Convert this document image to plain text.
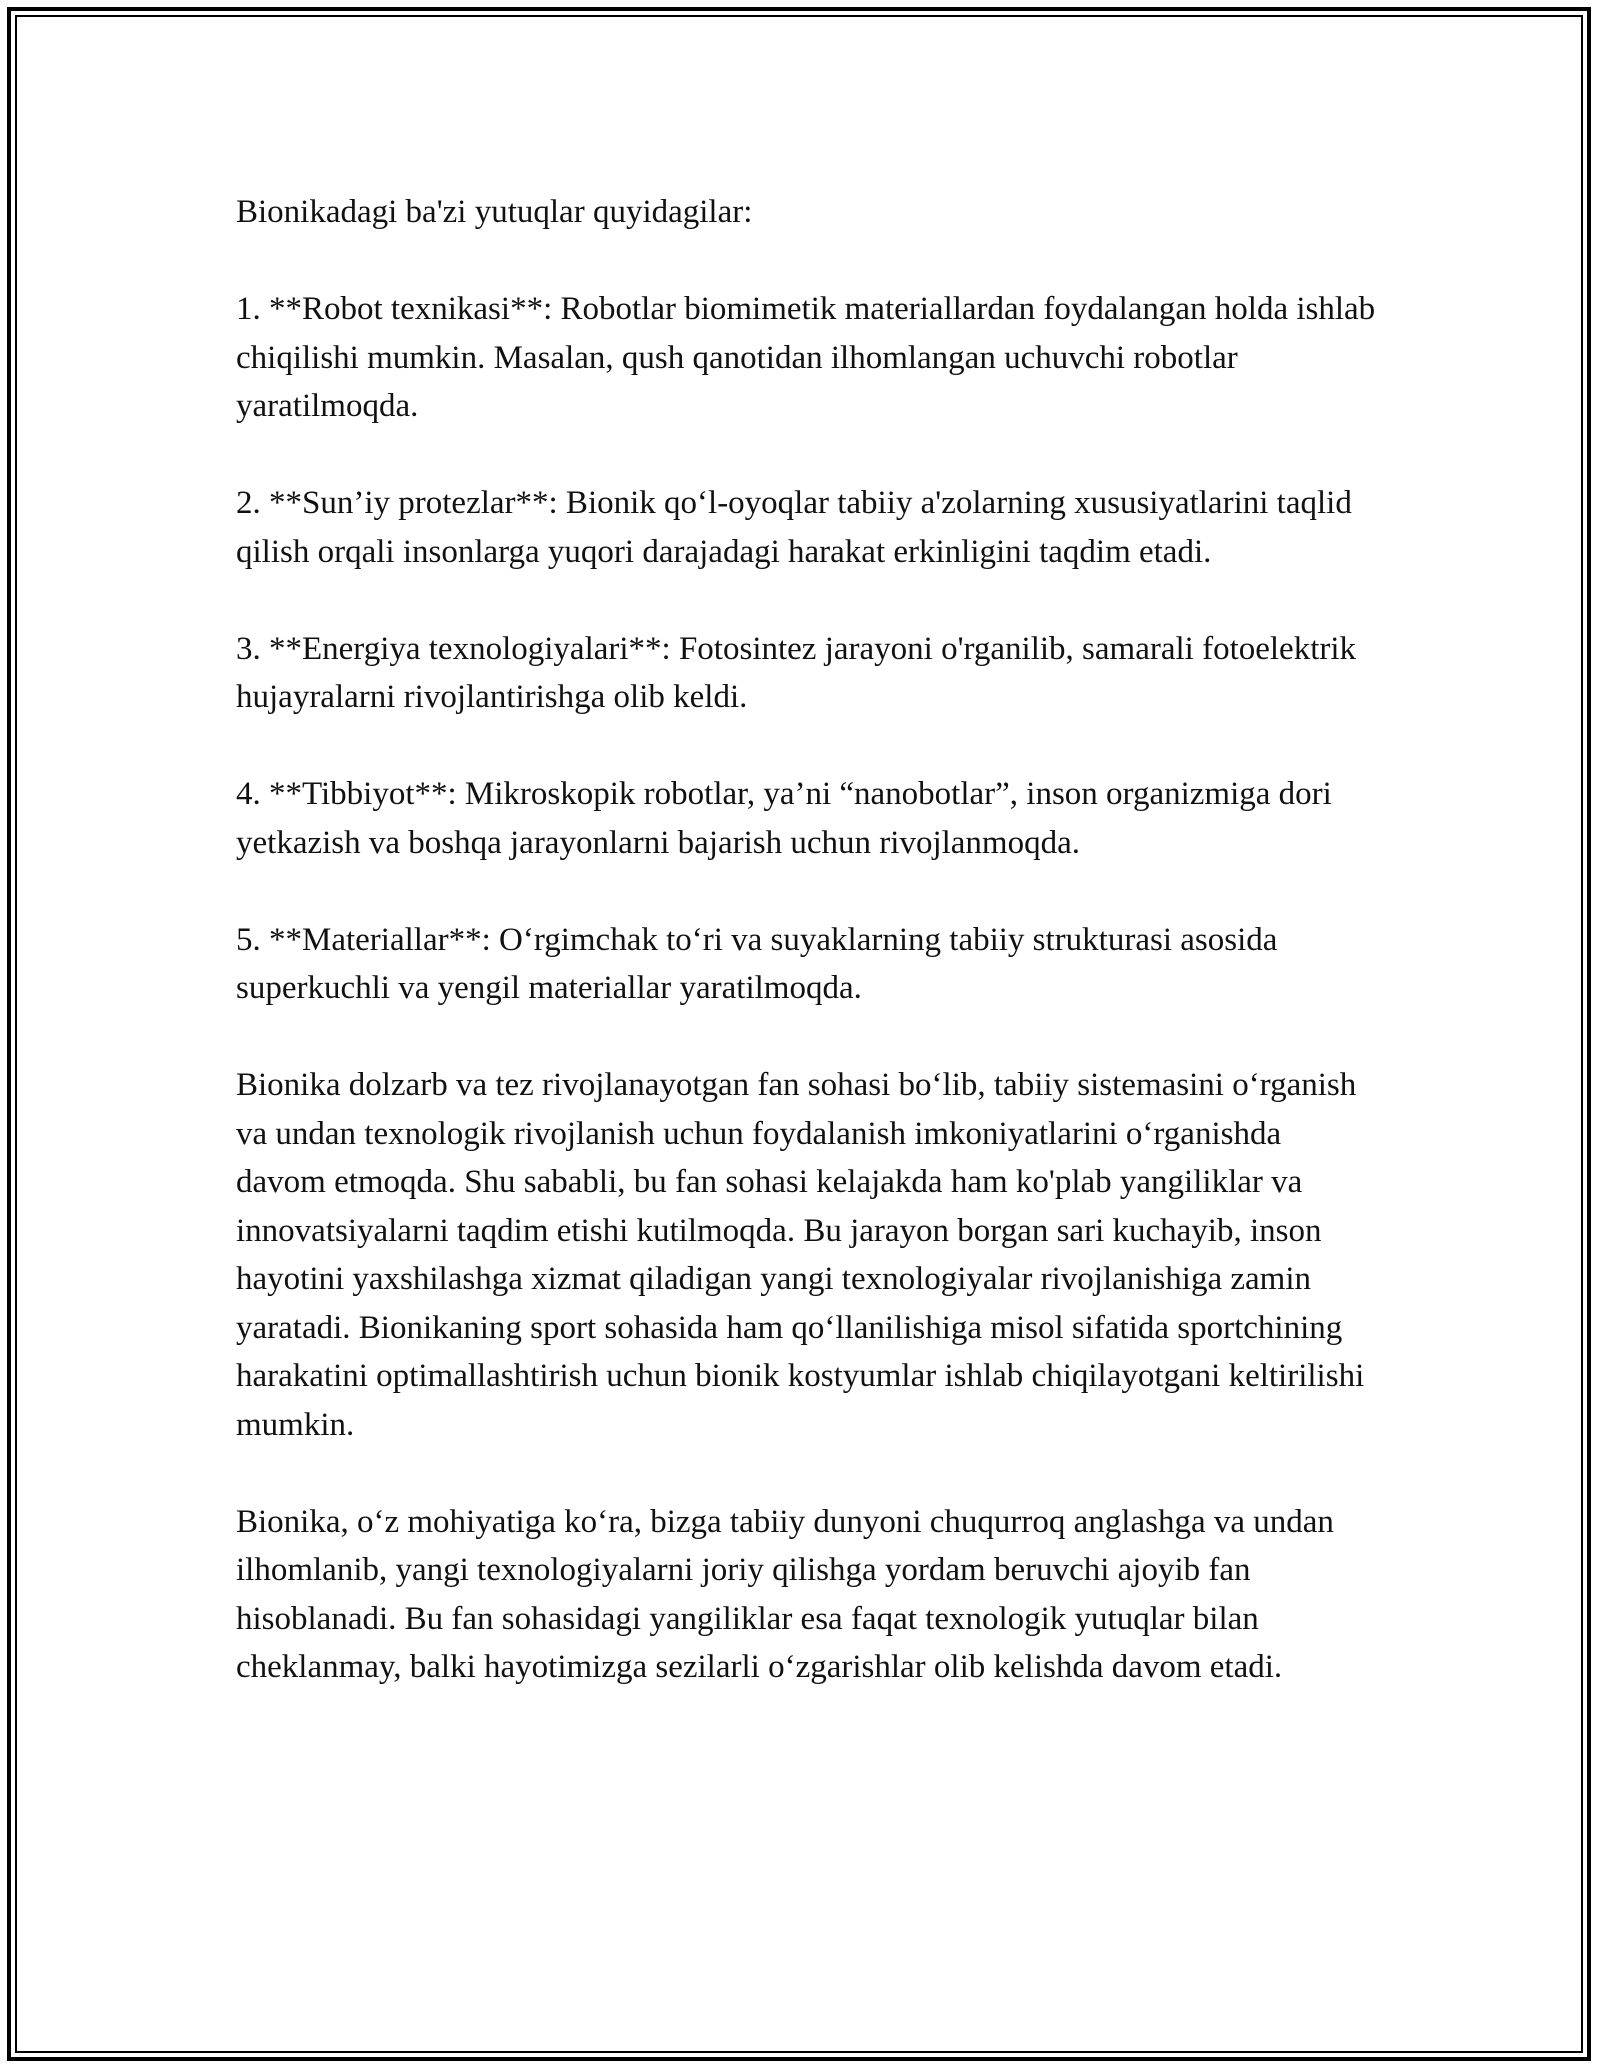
Bionikadagi ba'zi yutuqlar quyidagilar:

1. **Robot texnikasi**: Robotlar biomimetik materiallardan foydalangan holda ishlab chiqilishi mumkin. Masalan, qush qanotidan ilhomlangan uchuvchi robotlar yaratilmoqda.

2. **Sun’iy protezlar**: Bionik qo‘l-oyoqlar tabiiy a'zolarning xususiyatlarini taqlid qilish orqali insonlarga yuqori darajadagi harakat erkinligini taqdim etadi.

3. **Energiya texnologiyalari**: Fotosintez jarayoni o'rganilib, samarali fotoelektrik hujayralarni rivojlantirishga olib keldi.

4. **Tibbiyot**: Mikroskopik robotlar, ya’ni “nanobotlar”, inson organizmiga dori yetkazish va boshqa jarayonlarni bajarish uchun rivojlanmoqda.

5. **Materiallar**: O‘rgimchak to‘ri va suyaklarning tabiiy strukturasi asosida superkuchli va yengil materiallar yaratilmoqda.

Bionika dolzarb va tez rivojlanayotgan fan sohasi bo‘lib, tabiiy sistemasini o‘rganish va undan texnologik rivojlanish uchun foydalanish imkoniyatlarini o‘rganishda davom etmoqda. Shu sababli, bu fan sohasi kelajakda ham ko'plab yangiliklar va innovatsiyalarni taqdim etishi kutilmoqda. Bu jarayon borgan sari kuchayib, inson hayotini yaxshilashga xizmat qiladigan yangi texnologiyalar rivojlanishiga zamin yaratadi. Bionikaning sport sohasida ham qo‘llanilishiga misol sifatida sportchining harakatini optimallashtirish uchun bionik kostyumlar ishlab chiqilayotgani keltirilishi mumkin.

Bionika, o‘z mohiyatiga ko‘ra, bizga tabiiy dunyoni chuqurroq anglashga va undan ilhomlanib, yangi texnologiyalarni joriy qilishga yordam beruvchi ajoyib fan hisoblanadi. Bu fan sohasidagi yangiliklar esa faqat texnologik yutuqlar bilan cheklanmay, balki hayotimizga sezilarli o‘zgarishlar olib kelishda davom etadi.
